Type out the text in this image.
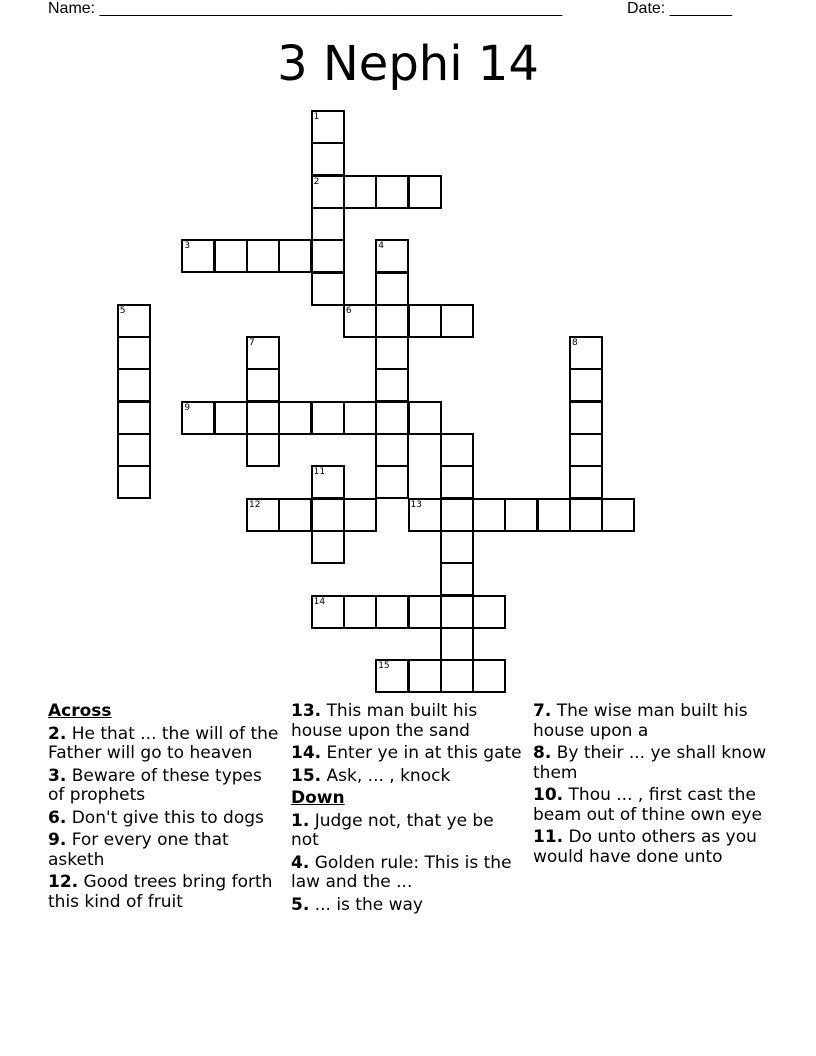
Name: ____________________________________________________	Date: _______
3 Nephi 14
1
2
3	4
5	6
7	8
9
11
12	13
14
15
Across
2. He that ... the will of the Father will go to heaven
3. Beware of these types of prophets
6. Don't give this to dogs
9. For every one that asketh
12. Good trees bring forth this kind of fruit
13. This man built his house upon the sand
14. Enter ye in at this gate
15. Ask, ... , knock
Down
1. Judge not, that ye be not
4. Golden rule: This is the law and the ...
5. ... is the way
7. The wise man built his house upon a
8. By their ... ye shall know them
10. Thou ... , first cast the beam out of thine own eye
11. Do unto others as you would have done unto
